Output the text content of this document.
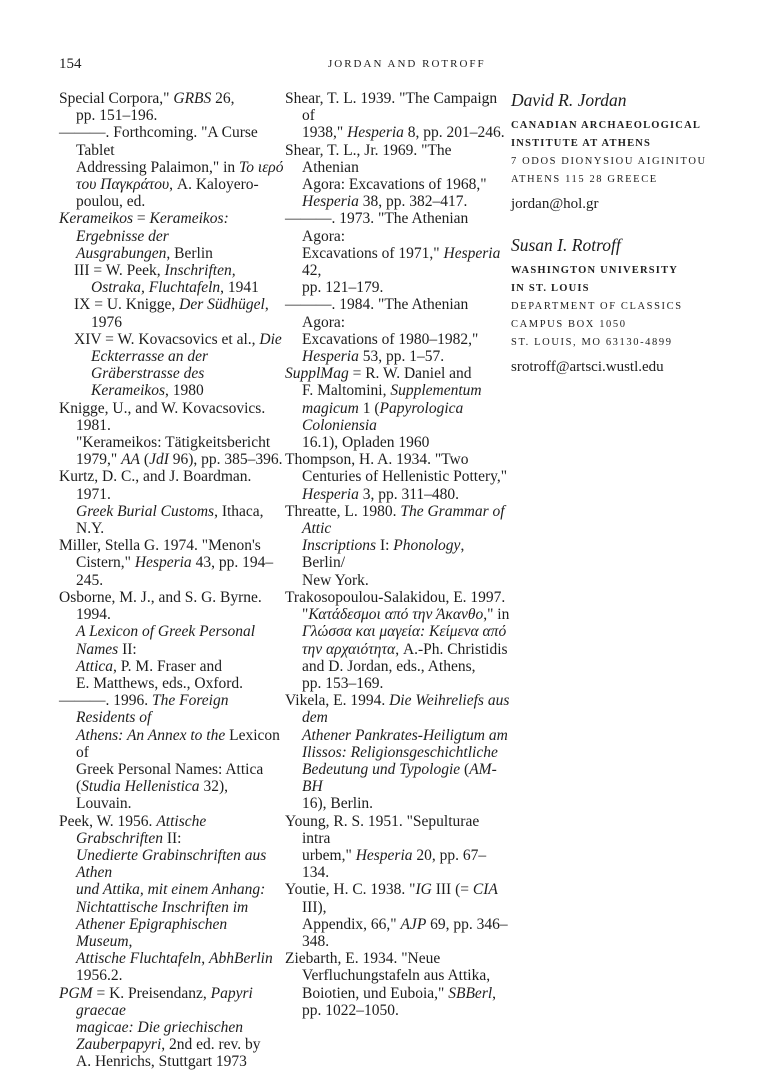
154	JORDAN AND ROTROFF
Special Corpora," GRBS 26,
pp. 151–196.
———. Forthcoming. "A Curse Tablet
Addressing Palaimon," in Το ιερό
του Παγκράτου, A. Kaloyero-
poulou, ed.
Kerameikos = Kerameikos: Ergebnisse der
Ausgrabungen, Berlin
III = W. Peek, Inschriften,
Ostraka, Fluchtafeln, 1941
IX = U. Knigge, Der Südhügel,
1976
XIV = W. Kovacsovics et al., Die
Eckterrasse an der Gräberstrasse des
Kerameikos, 1980
Knigge, U., and W. Kovacsovics. 1981.
"Kerameikos: Tätigkeitsbericht
1979," AA (JdI 96), pp. 385–396.
Kurtz, D. C., and J. Boardman. 1971.
Greek Burial Customs, Ithaca, N.Y.
Miller, Stella G. 1974. "Menon's
Cistern," Hesperia 43, pp. 194–245.
Osborne, M. J., and S. G. Byrne. 1994.
A Lexicon of Greek Personal Names II:
Attica, P. M. Fraser and
E. Matthews, eds., Oxford.
———. 1996. The Foreign Residents of
Athens: An Annex to the Lexicon of
Greek Personal Names: Attica
(Studia Hellenistica 32), Louvain.
Peek, W. 1956. Attische Grabschriften II:
Unedierte Grabinschriften aus Athen
und Attika, mit einem Anhang:
Nichtattische Inschriften im
Athener Epigraphischen Museum,
Attische Fluchtafeln, AbhBerlin
1956.2.
PGM = K. Preisendanz, Papyri graecae
magicae: Die griechischen
Zauberpapyri, 2nd ed. rev. by
A. Henrichs, Stuttgart 1973
Shear, T. L. 1939. "The Campaign of
1938," Hesperia 8, pp. 201–246.
Shear, T. L., Jr. 1969. "The Athenian
Agora: Excavations of 1968,"
Hesperia 38, pp. 382–417.
———. 1973. "The Athenian Agora:
Excavations of 1971," Hesperia 42,
pp. 121–179.
———. 1984. "The Athenian Agora:
Excavations of 1980–1982,"
Hesperia 53, pp. 1–57.
SupplMag = R. W. Daniel and
F. Maltomini, Supplementum
magicum 1 (Papyrologica Coloniensia
16.1), Opladen 1960
Thompson, H. A. 1934. "Two
Centuries of Hellenistic Pottery,"
Hesperia 3, pp. 311–480.
Threatte, L. 1980. The Grammar of Attic
Inscriptions I: Phonology, Berlin/
New York.
Trakosopoulou-Salakidou, E. 1997.
"Κατάδεσμοι από την Άκανθο," in
Γλώσσα και μαγεία: Κείμενα από
την αρχαιότητα, A.-Ph. Christidis
and D. Jordan, eds., Athens,
pp. 153–169.
Vikela, E. 1994. Die Weihreliefs aus dem
Athener Pankrates-Heiligtum am
Ilissos: Religionsgeschichtliche
Bedeutung und Typologie (AM-BH
16), Berlin.
Young, R. S. 1951. "Sepulturae intra
urbem," Hesperia 20, pp. 67–134.
Youtie, H. C. 1938. "IG III (= CIA III),
Appendix, 66," AJP 69, pp. 346–
348.
Ziebarth, E. 1934. "Neue
Verfluchungstafeln aus Attika,
Boiotien, und Euboia," SBBerl,
pp. 1022–1050.
David R. Jordan
CANADIAN ARCHAEOLOGICAL
INSTITUTE AT ATHENS
7 ODOS DIONYSIOU AIGINITOU
ATHENS 115 28 GREECE
jordan@hol.gr
Susan I. Rotroff
WASHINGTON UNIVERSITY
IN ST. LOUIS
DEPARTMENT OF CLASSICS
CAMPUS BOX 1050
ST. LOUIS, MO 63130-4899
srotroff@artsci.wustl.edu
